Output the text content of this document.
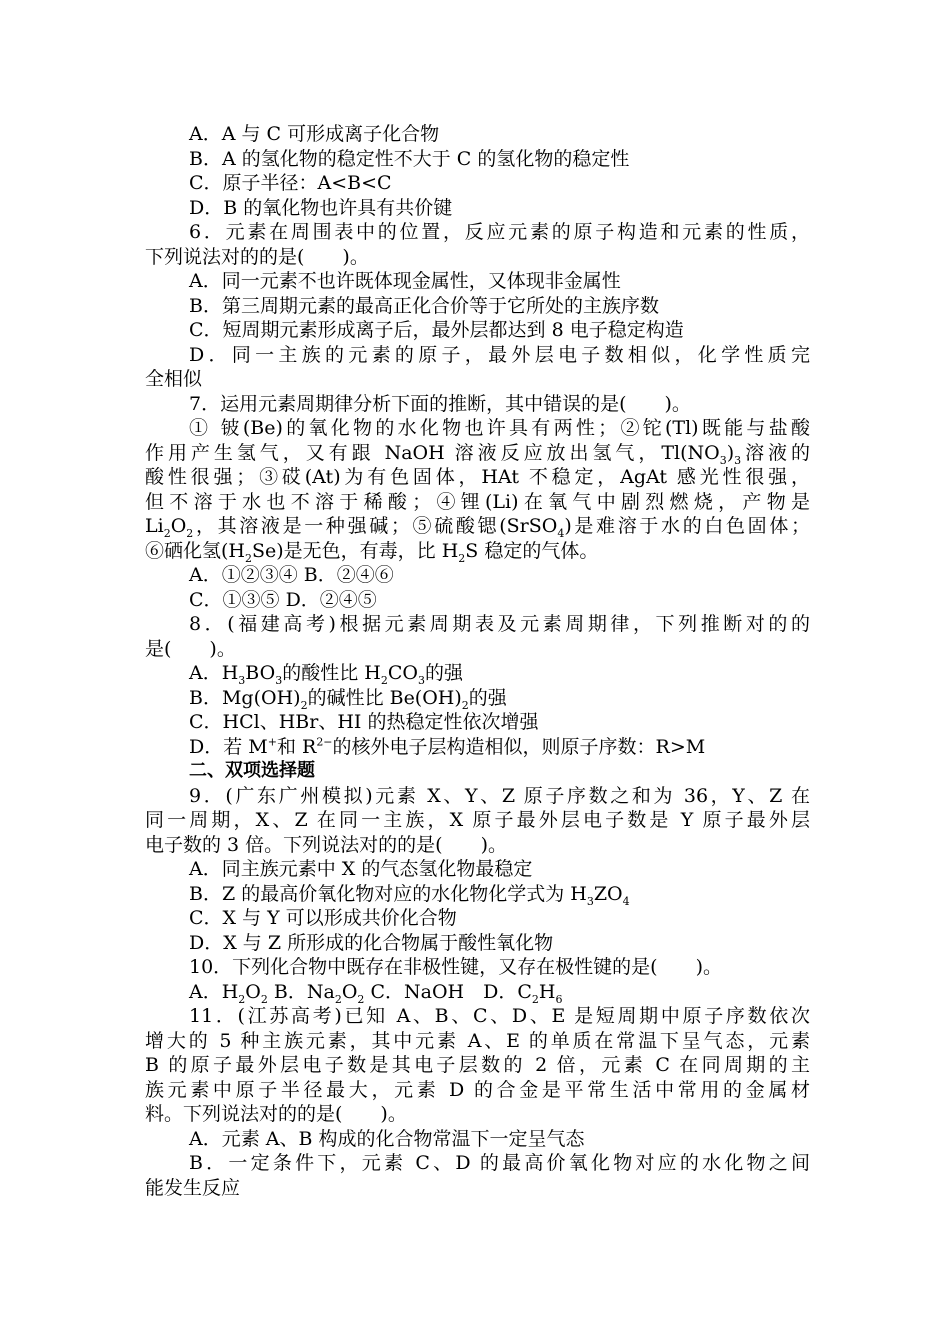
A．A 与 C 可形成离子化合物
B．A 的氢化物的稳定性不大于 C 的氢化物的稳定性
C．原子半径：A<B<C
D．B 的氧化物也许具有共价键
6．元素在周围表中的位置，反应元素的原子构造和元素的性质，
下列说法对的的是(　　)。
A．同一元素不也许既体现金属性，又体现非金属性
B．第三周期元素的最高正化合价等于它所处的主族序数
C．短周期元素形成离子后，最外层都达到 8 电子稳定构造
D．同一主族的元素的原子，最外层电子数相似，化学性质完
全相似
7．运用元素周期律分析下面的推断，其中错误的是(　　)。
① 铍(Be)的氧化物的水化物也许具有两性；②铊(Tl)既能与盐酸
作用产生氢气，又有跟 NaOH 溶液反应放出氢气，$Tl(NO_3)_3$溶液的
酸性很强；③砹(At)为有色固体，HAt 不稳定，AgAt 感光性很强，
但不溶于水也不溶于稀酸；④锂(Li)在氧气中剧烈燃烧，产物是
$Li_2O_2$，其溶液是一种强碱；⑤硫酸锶(SrSO$_4$)是难溶于水的白色固体；
⑥硒化氢$(H_2Se)$是无色，有毒，比 $H_2S$ 稳定的气体。
A．①②③④ B．②④⑥
C．①③⑤ D．②④⑤
8．(福建高考)根据元素周期表及元素周期律，下列推断对的的
是(　　)。
A．$H_3BO_3$的酸性比 $H_2CO_3$的强
B．$Mg(OH)_2$的碱性比 $Be(OH)_2$的强
C．HCl、HBr、HI 的热稳定性依次增强
D．若 M+和 $R^{2-}$的核外电子层构造相似，则原子序数：R>M
二、双项选择题
9．(广东广州模拟)元素 X、Y、Z 原子序数之和为 36，Y、Z 在
同一周期，X、Z 在同一主族，X 原子最外层电子数是 Y 原子最外层
电子数的 3 倍。下列说法对的的是(　　)。
A．同主族元素中 X 的气态氢化物最稳定
B．Z 的最高价氧化物对应的水化物化学式为 $H_3ZO_4$
C．X 与 Y 可以形成共价化合物
D．X 与 Z 所形成的化合物属于酸性氧化物
10．下列化合物中既存在非极性键，又存在极性键的是(　　)。
A．$H_2O_2$ B．$Na_2O_2$ C．NaOH　D．$C_2H_6$
11．(江苏高考)已知 A、B、C、D、E 是短周期中原子序数依次
增大的 5 种主族元素，其中元素 A、E 的单质在常温下呈气态，元素
B 的原子最外层电子数是其电子层数的 2 倍，元素 C 在同周期的主
族元素中原子半径最大，元素 D 的合金是平常生活中常用的金属材
料。下列说法对的的是(　　)。
A．元素 A、B 构成的化合物常温下一定呈气态
B．一定条件下，元素 C、D 的最高价氧化物对应的水化物之间
能发生反应
